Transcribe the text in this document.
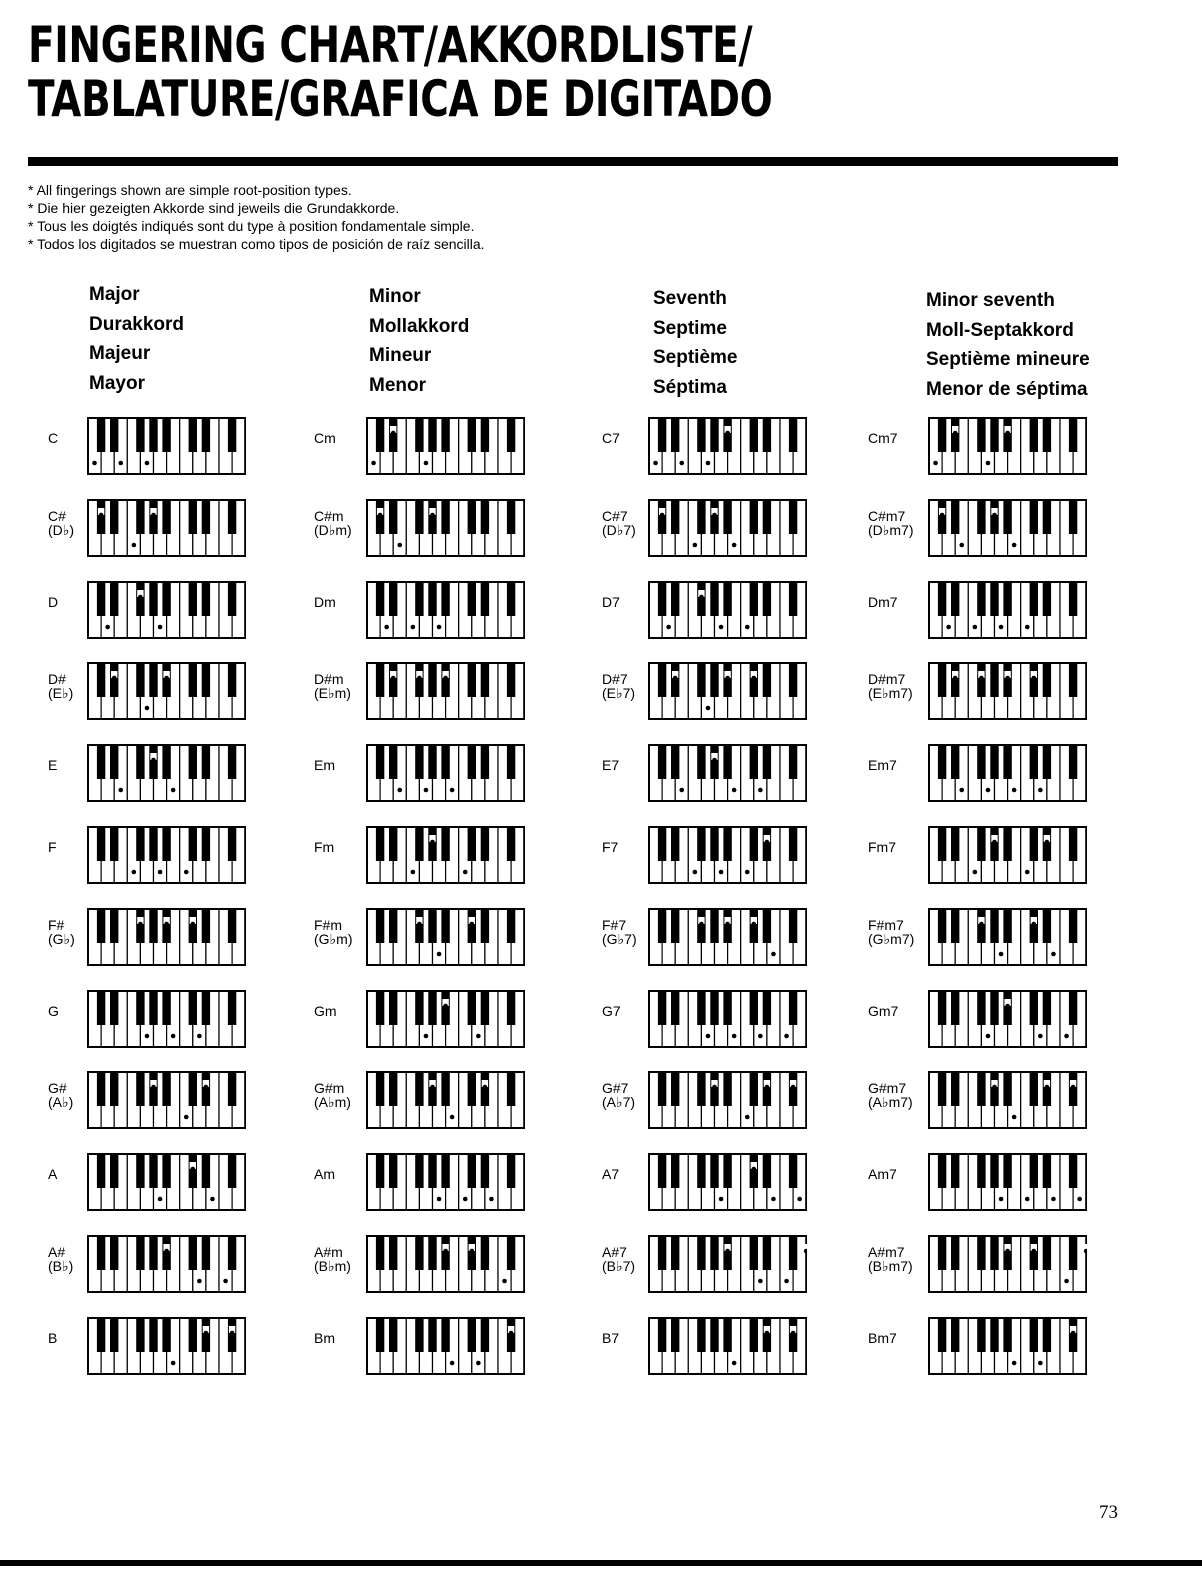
FINGERING CHART/AKKORDLISTE/
TABLATURE/GRAFICA DE DIGITADO
* All fingerings shown are simple root-position types.
* Die hier gezeigten Akkorde sind jeweils die Grundakkorde.
* Tous les doigtés indiqués sont du type à position fondamentale simple.
* Todos los digitados se muestran como tipos de posición de raíz sencilla.
Major
Durakkord
Majeur
Mayor
Minor
Mollakkord
Mineur
Menor
Seventh
Septime
Septième
Séptima
Minor seventh
Moll-Septakkord
Septième mineure
Menor de séptima
C
C#
(D♭)
D
D#
(E♭)
E
F
F#
(G♭)
G
G#
(A♭)
A
A#
(B♭)
B
Cm
C#m
(D♭m)
Dm
D#m
(E♭m)
Em
Fm
F#m
(G♭m)
Gm
G#m
(A♭m)
Am
A#m
(B♭m)
Bm
C7
C#7
(D♭7)
D7
D#7
(E♭7)
E7
F7
F#7
(G♭7)
G7
G#7
(A♭7)
A7
A#7
(B♭7)
B7
Cm7
C#m7
(D♭m7)
Dm7
D#m7
(E♭m7)
Em7
Fm7
F#m7
(G♭m7)
Gm7
G#m7
(A♭m7)
Am7
A#m7
(B♭m7)
Bm7
73
